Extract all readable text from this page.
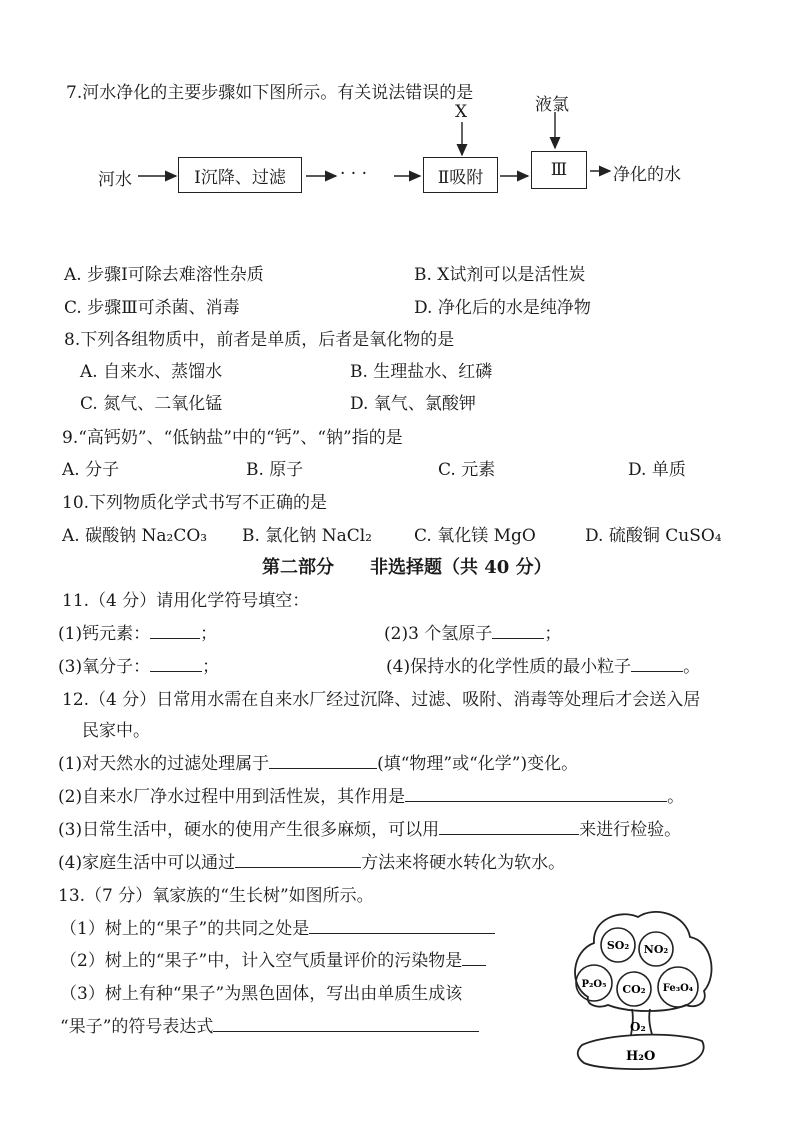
7.河水净化的主要步骤如下图所示。有关说法错误的是
河水	Ⅰ沉降、过滤	· · ·
X
Ⅱ吸附
液氯
Ⅲ	净化的水
A. 步骤Ⅰ可除去难溶性杂质	B. X试剂可以是活性炭
C. 步骤Ⅲ可杀菌、消毒	D. 净化后的水是纯净物
8.下列各组物质中，前者是单质，后者是氧化物的是
A. 自来水、蒸馏水	B. 生理盐水、红磷
C. 氮气、二氧化锰	D. 氧气、氯酸钾
9.“高钙奶”、“低钠盐”中的“钙”、“钠”指的是
A. 分子	B. 原子	C. 元素	D. 单质
10.下列物质化学式书写不正确的是
A. 碳酸钠 Na₂CO₃ B. 氯化钠 NaCl₂ C. 氧化镁 MgO	D. 硫酸铜 CuSO₄
第二部分　　非选择题（共 40 分）
11.（4 分）请用化学符号填空：
(1)钙元素：	；	(2)3 个氢原子	；
(3)氧分子：	；	(4)保持水的化学性质的最小粒子	。
12.（4 分）日常用水需在自来水厂经过沉降、过滤、吸附、消毒等处理后才会送入居
民家中。
(1)对天然水的过滤处理属于	(填“物理”或“化学”)变化。
(2)自来水厂净水过程中用到活性炭，其作用是	。
(3)日常生活中，硬水的使用产生很多麻烦，可以用	来进行检验。
(4)家庭生活中可以通过	方法来将硬水转化为软水。
13.（7 分）氧家族的“生长树”如图所示。
（1）树上的“果子”的共同之处是
（2）树上的“果子”中，计入空气质量评价的污染物是
（3）树上有种“果子”为黑色固体，写出由单质生成该
“果子”的符号表达式
SO₂ NO₂
P₂O₅ CO₂ Fe₃O₄
O₂
H₂O
